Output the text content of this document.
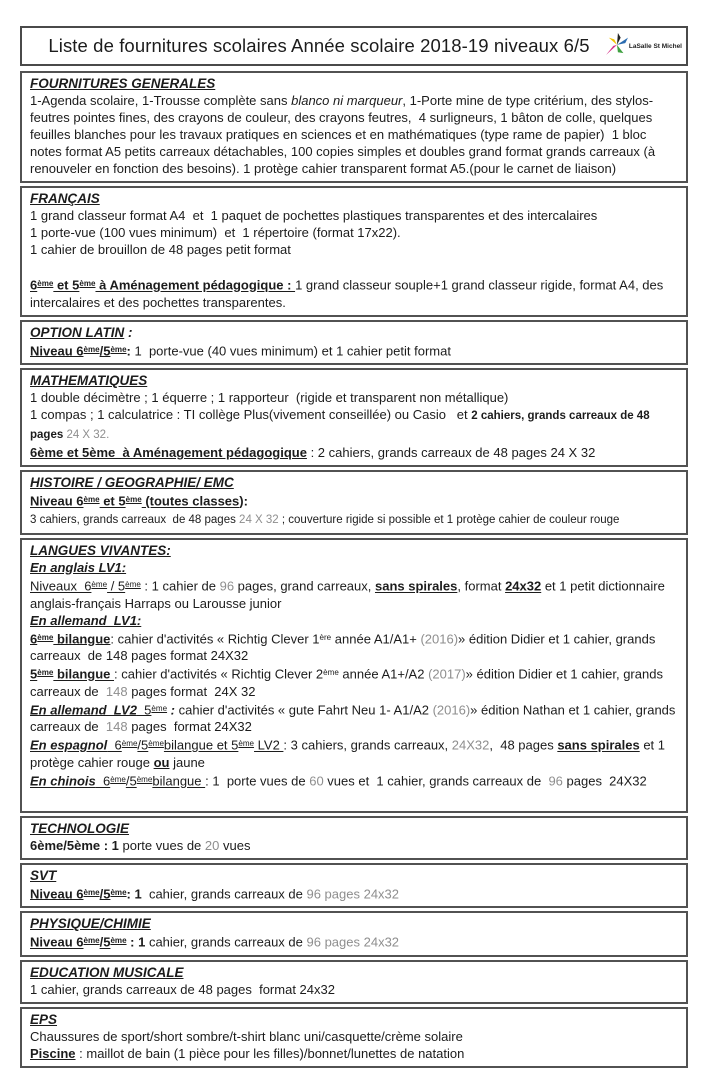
Liste de fournitures scolaires Année scolaire 2018-19 niveaux 6/5	LaSalle St Michel
FOURNITURES GENERALES
1-Agenda scolaire, 1-Trousse complète sans blanco ni marqueur, 1-Porte mine de type critérium, des stylos-feutres pointes fines, des crayons de couleur, des crayons feutres,  4 surligneurs, 1 bâton de colle, quelques feuilles blanches pour les travaux pratiques en sciences et en mathématiques (type rame de papier)  1 bloc notes format A5 petits carreaux détachables, 100 copies simples et doubles grand format grands carreaux (à renouveler en fonction des besoins). 1 protège cahier transparent format A5.(pour le carnet de liaison)
FRANÇAIS
1 grand classeur format A4  et  1 paquet de pochettes plastiques transparentes et des intercalaires
1 porte-vue (100 vues minimum)  et  1 répertoire (format 17x22).
1 cahier de brouillon de 48 pages petit format

6ème et 5ème à Aménagement pédagogique : 1 grand classeur souple+1 grand classeur rigide, format A4, des intercalaires et des pochettes transparentes.
OPTION LATIN :
Niveau 6ème/5ème: 1  porte-vue (40 vues minimum) et 1 cahier petit format
MATHEMATIQUES
1 double décimètre ; 1 équerre ; 1 rapporteur  (rigide et transparent non métallique)
1 compas ; 1 calculatrice : TI collège Plus(vivement conseillée) ou Casio   et 2 cahiers, grands carreaux de 48 pages 24 X 32.
6ème et 5ème  à Aménagement pédagogique : 2 cahiers, grands carreaux de 48 pages 24 X 32
HISTOIRE / GEOGRAPHIE/ EMC
Niveau 6ème et 5ème (toutes classes):
3 cahiers, grands carreaux  de 48 pages 24 X 32 ; couverture rigide si possible et 1 protège cahier de couleur rouge
LANGUES VIVANTES:
En anglais LV1:
Niveaux  6ème / 5ème : 1 cahier de 96 pages, grand carreaux, sans spirales, format 24x32 et 1 petit dictionnaire anglais-français Harraps ou Larousse junior
En allemand  LV1:
6ème bilangue: cahier d'activités « Richtig Clever 1ère année A1/A1+ (2016)» édition Didier et 1 cahier, grands carreaux  de 148 pages format 24X32
5ème bilangue : cahier d'activités « Richtig Clever 2ème année A1+/A2 (2017)» édition Didier et 1 cahier, grands carreaux de  148 pages format  24X 32
En allemand  LV2  5ème : cahier d'activités « gute Fahrt Neu 1- A1/A2 (2016)» édition Nathan et 1 cahier, grands carreaux de  148 pages  format 24X32
En espagnol  6ème/5èmebilangue et 5ème LV2 : 3 cahiers, grands carreaux, 24X32,  48 pages sans spirales et 1 protège cahier rouge ou jaune
En chinois  6ème/5èmebilangue : 1  porte vues de 60 vues et  1 cahier, grands carreaux de  96 pages  24X32

TECHNOLOGIE
6ème/5ème : 1 porte vues de 20 vues
SVT
Niveau 6ème/5ème: 1  cahier, grands carreaux de 96 pages 24x32
PHYSIQUE/CHIMIE
Niveau 6ème/5ème : 1 cahier, grands carreaux de 96 pages 24x32
EDUCATION MUSICALE
1 cahier, grands carreaux de 48 pages  format 24x32
EPS
Chaussures de sport/short sombre/t-shirt blanc uni/casquette/crème solaire
Piscine : maillot de bain (1 pièce pour les filles)/bonnet/lunettes de natation
